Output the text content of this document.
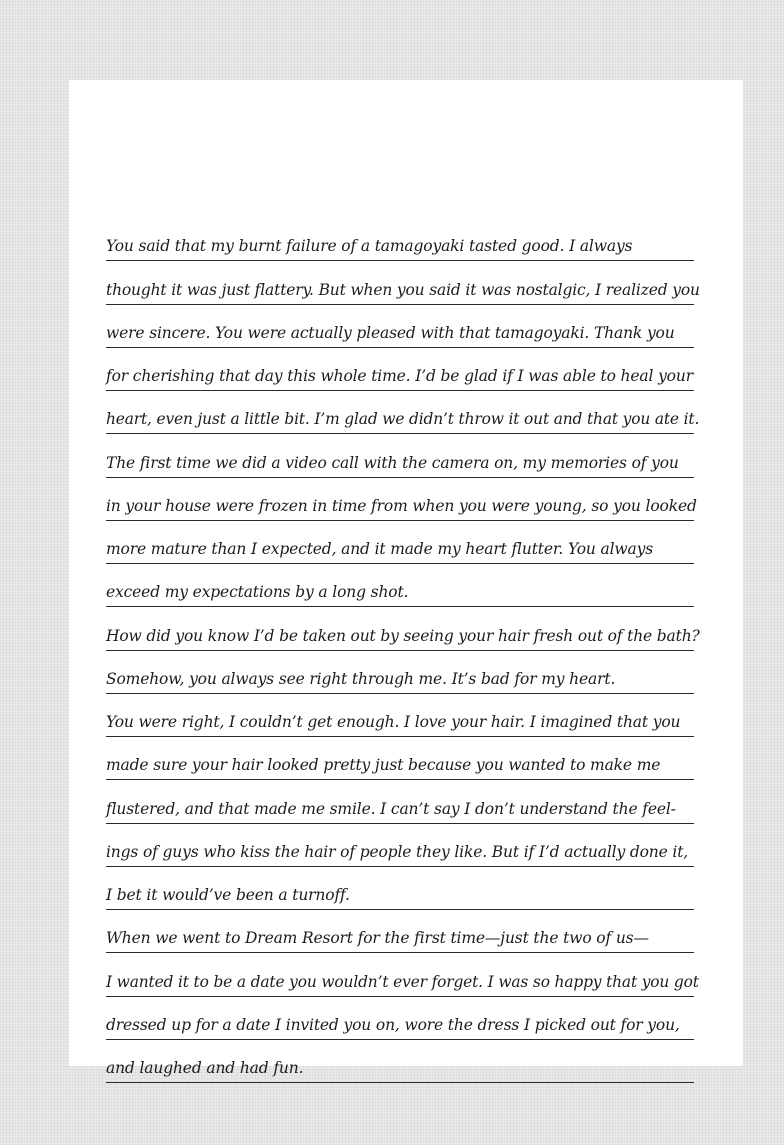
You said that my burnt failure of a tamagoyaki tasted good. I always
thought it was just flattery. But when you said it was nostalgic, I realized you
were sincere. You were actually pleased with that tamagoyaki. Thank you
for cherishing that day this whole time. I’d be glad if I was able to heal your
heart, even just a little bit. I’m glad we didn’t throw it out and that you ate it.
The first time we did a video call with the camera on, my memories of you
in your house were frozen in time from when you were young, so you looked
more mature than I expected, and it made my heart flutter. You always
exceed my expectations by a long shot.
How did you know I’d be taken out by seeing your hair fresh out of the bath?
Somehow, you always see right through me. It’s bad for my heart.
You were right, I couldn’t get enough. I love your hair. I imagined that you
made sure your hair looked pretty just because you wanted to make me
flustered, and that made me smile. I can’t say I don’t understand the feel-
ings of guys who kiss the hair of people they like. But if I’d actually done it,
I bet it would’ve been a turnoff.
When we went to Dream Resort for the first time—just the two of us—
I wanted it to be a date you wouldn’t ever forget. I was so happy that you got
dressed up for a date I invited you on, wore the dress I picked out for you,
and laughed and had fun.
